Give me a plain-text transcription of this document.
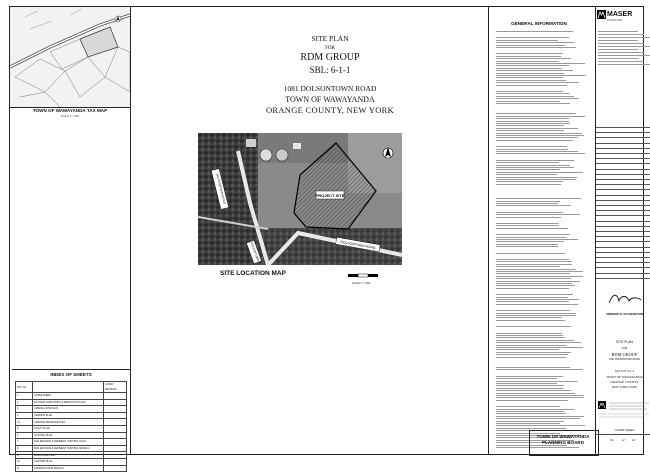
TOWN OF WAWAYANDA TAX MAP
SCALE: 1" = 600'
INDEX OF SHEETS
SHT. No.		LATEST REVISION
1	COVER SHEET	
2	EXISTING CONDITIONS & DEMOLITION PLAN	
3	OVERALL SITE PLAN	
4	GRADING PLAN	
4.1	GRADING DRAINAGE PLAN	
5	UTILITY PLAN	
6	LIGHTING PLAN	
7	SOIL EROSION & SEDIMENT CONTROL PLAN	
8	SOIL EROSION & SEDIMENT CONTROL DETAILS	
9	LANDSCAPE PLAN	
10	LIGHTING PLAN	
11	CONSTRUCTION DETAILS	
SITE PLAN
FOR
RDM GROUP
SBL: 6-1-1
1081 DOLSONTOWN ROAD
TOWN OF WAWAYANDA
ORANGE COUNTY, NEW YORK
PROJECT SITE
DOLSONTOWN ROAD
DOLSONTOWN ROAD
DOLSONTOWN
SITE LOCATION MAP
SCALE: 1" = 600'
GENERAL INFORMATION
MASER
CONSULTING
ANDREW B. FETHERSTON
SITE PLAN
FOR
RDM GROUP
1081 DOLSONTOWN ROAD
TAX LOT: 6-1-1
TOWN OF WAWAYANDA
ORANGE COUNTY
NEW YORK STATE
COVER SHEET
01	of 12
TOWN OF WAWAYANDA
PLANNING BOARD
